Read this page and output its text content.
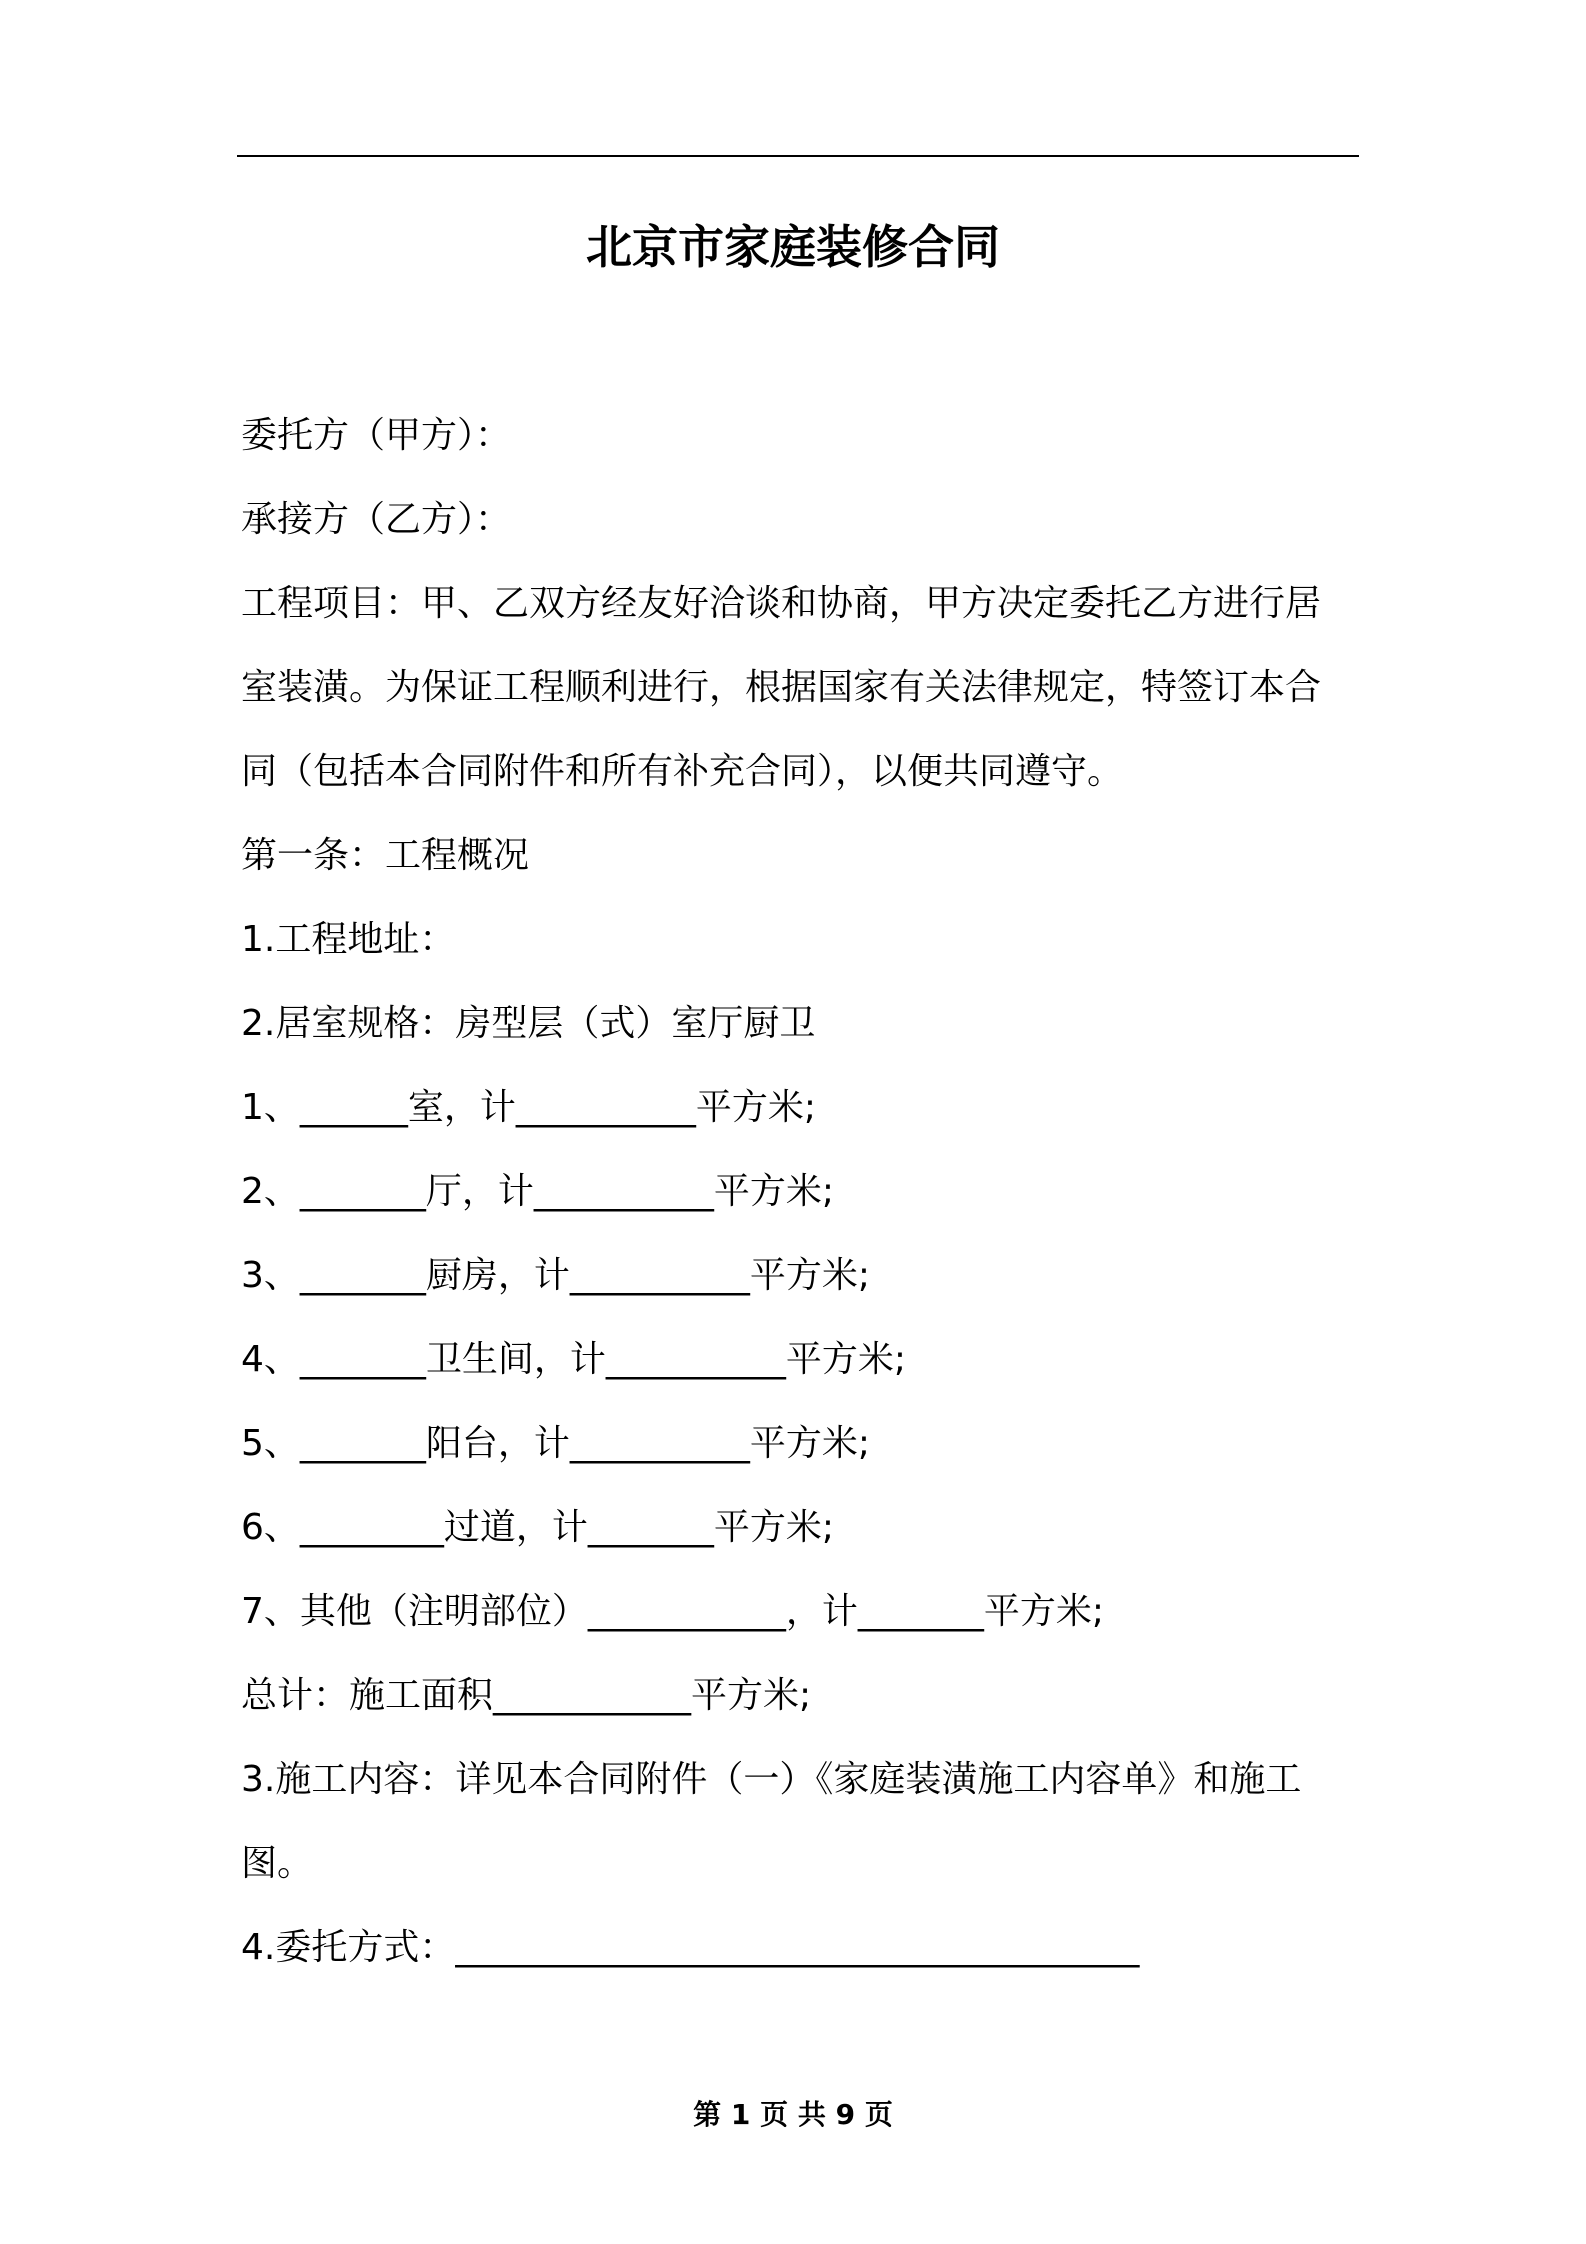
北京市家庭装修合同
委托方（甲方）：
承接方（乙方）：
工程项目：甲、乙双方经友好洽谈和协商，甲方决定委托乙方进行居
室装潢。为保证工程顺利进行，根据国家有关法律规定，特签订本合
同（包括本合同附件和所有补充合同），以便共同遵守。
第一条：工程概况
1.工程地址：
2.居室规格：房型层（式）室厅厨卫
1、______室，计__________平方米;
2、_______厅，计__________平方米;
3、_______厨房，计__________平方米;
4、_______卫生间，计__________平方米;
5、_______阳台，计__________平方米;
6、________过道，计_______平方米;
7、其他（注明部位）___________，计_______平方米;
总计：施工面积___________平方米;
3.施工内容：详见本合同附件（一）《家庭装潢施工内容单》和施工
图。
4.委托方式：______________________________________
第 1 页 共 9 页
